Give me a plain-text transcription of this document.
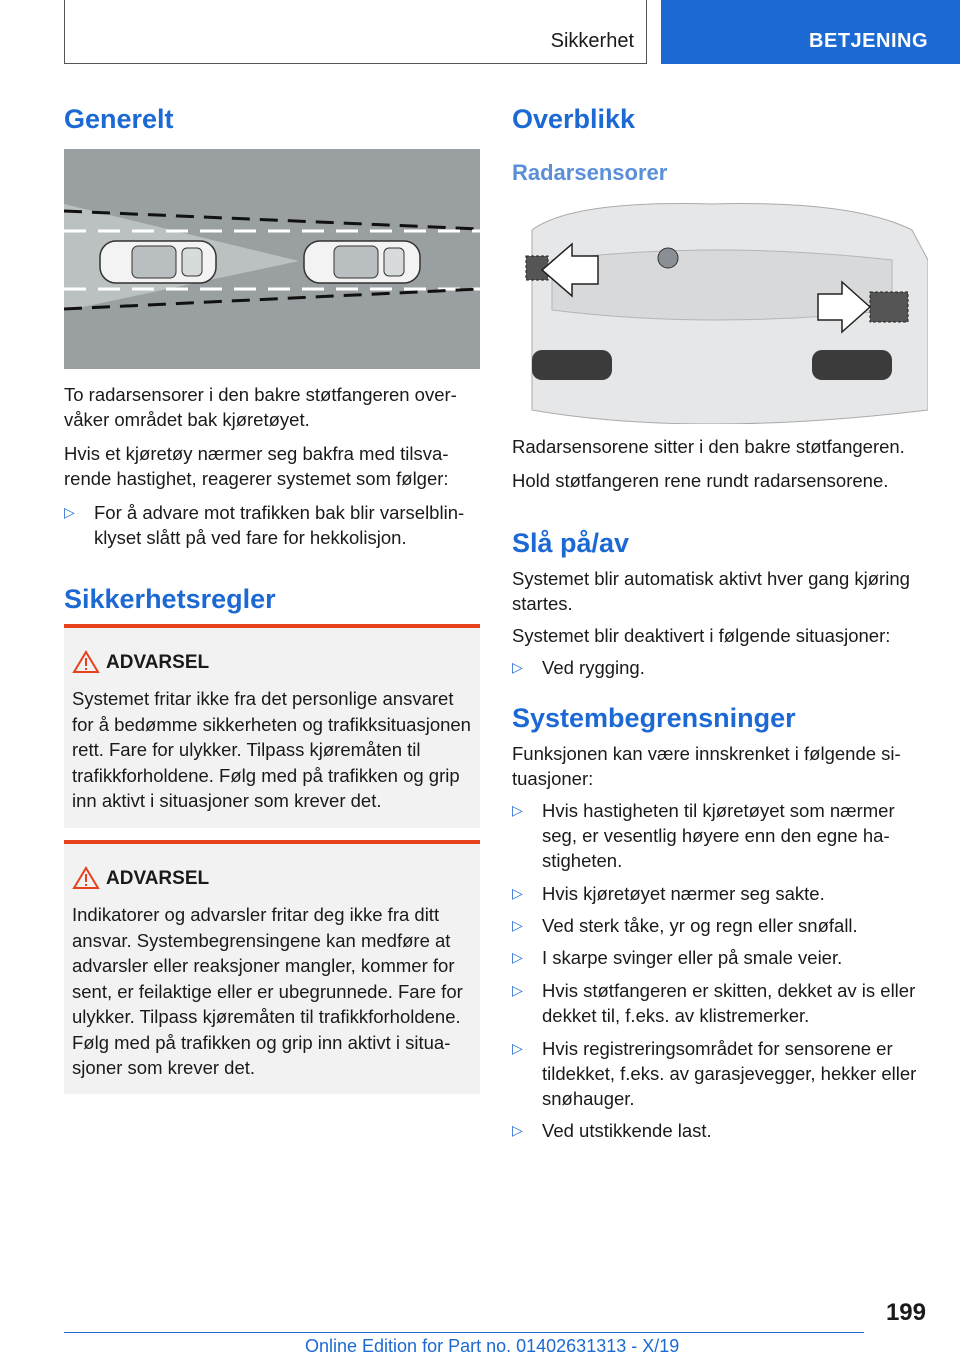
Sikkerhet	BETJENING
Generelt

To radarsensorer i den bakre støtfangeren overvåker området bak kjøretøyet.

Hvis et kjøretøy nærmer seg bakfra med tilsvarende hastighet, reagerer systemet som følger:

▷ For å advare mot trafikken bak blir varselblinklyset slått på ved fare for hekkolisjon.
Sikkerhetsregler
ADVARSEL
Systemet fritar ikke fra det personlige ansvaret for å bedømme sikkerheten og trafikksituasjonen rett. Fare for ulykker. Tilpass kjøremåten til trafikkforholdene. Følg med på trafikken og grip inn aktivt i situasjoner som krever det.
ADVARSEL
Indikatorer og advarsler fritar deg ikke fra ditt ansvar. Systembegrensingene kan medføre at advarsler eller reaksjoner mangler, kommer for sent, er feilaktige eller er ubegrunnede. Fare for ulykker. Tilpass kjøremåten til trafikkforholdene. Følg med på trafikken og grip inn aktivt i situasjoner som krever det.
Overblikk
Radarsensorer

Radarsensorene sitter i den bakre støtfangeren.

Hold støtfangeren rene rundt radarsensorene.

Slå på/av

Systemet blir automatisk aktivt hver gang kjøring startes.

Systemet blir deaktivert i følgende situasjoner:

▷ Ved rygging.
Systembegrensninger

Funksjonen kan være innskrenket i følgende situasjoner:

▷ Hvis hastigheten til kjøretøyet som nærmer seg, er vesentlig høyere enn den egne hastigheten.
▷ Hvis kjøretøyet nærmer seg sakte.
▷ Ved sterk tåke, yr og regn eller snøfall.
▷ I skarpe svinger eller på smale veier.
▷ Hvis støtfangeren er skitten, dekket av is eller dekket til, f.eks. av klistremerker.
▷ Hvis registreringsområdet for sensorene er tildekket, f.eks. av garasjevegger, hekker eller snøhauger.
▷ Ved utstikkende last.
199
Online Edition for Part no. 01402631313 - X/19
